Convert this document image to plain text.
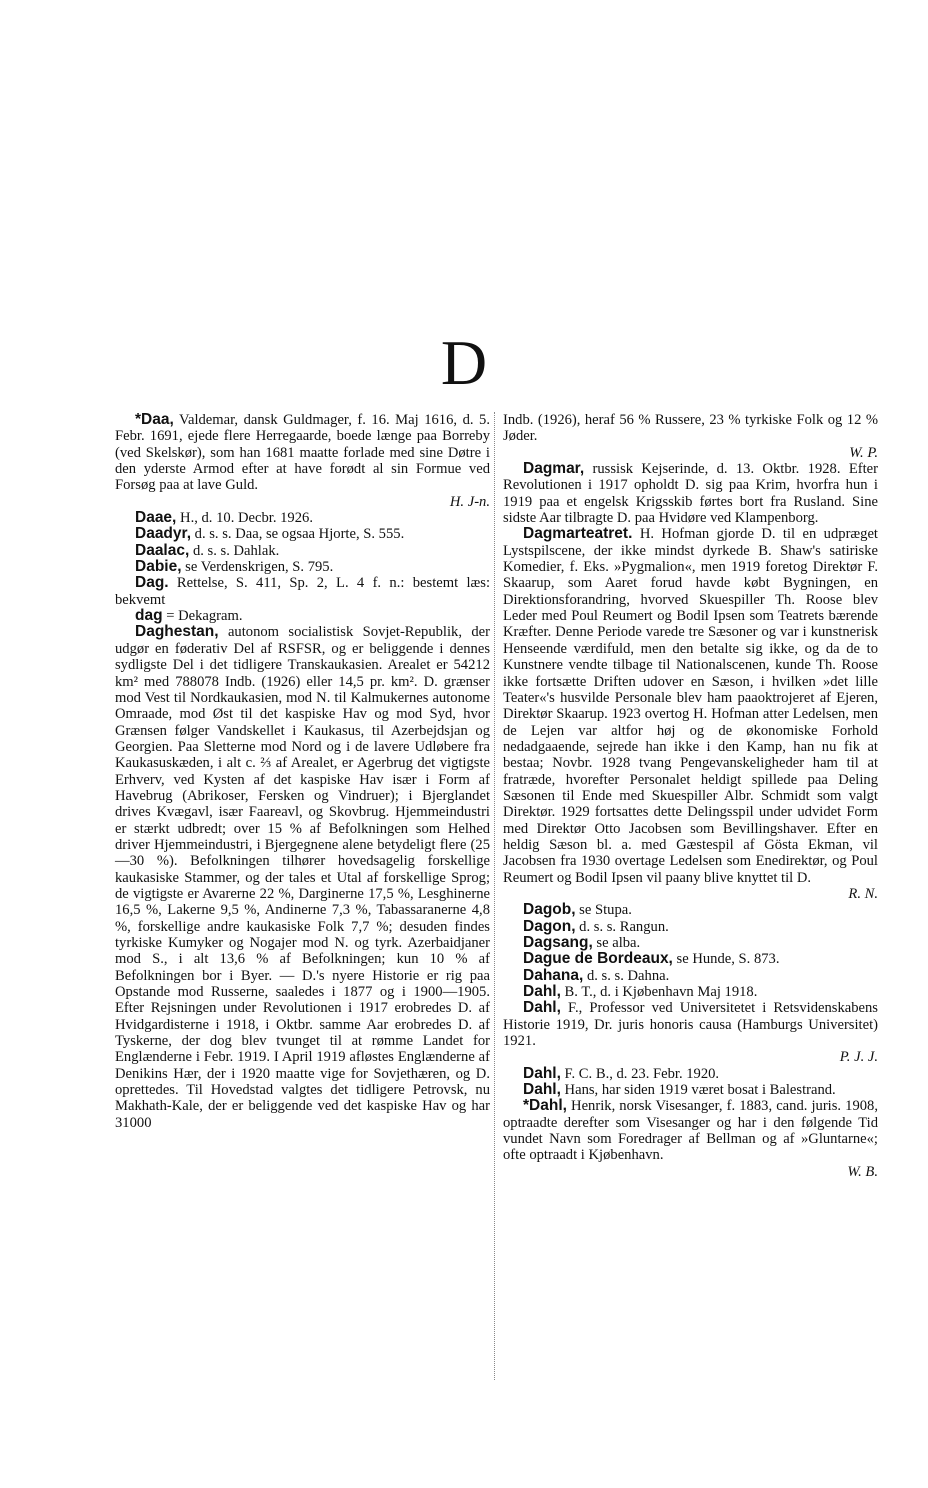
D

*Daa, Valdemar, dansk Guldmager, f. 16. Maj 1616, d. 5. Febr. 1691, ejede flere Herregaarde, boede længe paa Borreby (ved Skelskør), som han 1681 maatte forlade med sine Døtre i den yderste Armod efter at have forødt al sin Formue ved Forsøg paa at lave Guld.
H. J-n.

Daae, H., d. 10. Decbr. 1926.

Daadyr, d. s. s. Daa, se ogsaa Hjorte, S. 555.

Daalac, d. s. s. Dahlak.

Dabie, se Verdenskrigen, S. 795.

Dag. Rettelse, S. 411, Sp. 2, L. 4 f. n.: bestemt læs: bekvemt

dag = Dekagram.

Daghestan, autonom socialistisk Sovjet-Republik, der udgør en føderativ Del af RSFSR, og er beliggende i dennes sydligste Del i det tidligere Transkaukasien. Arealet er 54212 km² med 788078 Indb. (1926) eller 14,5 pr. km². D. grænser mod Vest til Nordkaukasien, mod N. til Kalmukernes autonome Omraade, mod Øst til det kaspiske Hav og mod Syd, hvor Grænsen følger Vandskellet i Kaukasus, til Azerbejdsjan og Georgien. Paa Sletterne mod Nord og i de lavere Udløbere fra Kaukasuskæden, i alt c. ⅔ af Arealet, er Agerbrug det vigtigste Erhverv, ved Kysten af det kaspiske Hav især i Form af Havebrug (Abrikoser, Fersken og Vindruer); i Bjerglandet drives Kvægavl, især Faareavl, og Skovbrug. Hjemmeindustri er stærkt udbredt; over 15 % af Befolkningen som Helhed driver Hjemmeindustri, i Bjergegnene alene betydeligt flere (25—30 %). Befolkningen tilhører hovedsagelig forskellige kaukasiske Stammer, og der tales et Utal af forskellige Sprog; de vigtigste er Avarerne 22 %, Darginerne 17,5 %, Lesghinerne 16,5 %, Lakerne 9,5 %, Andinerne 7,3 %, Tabassaranerne 4,8 %, forskellige andre kaukasiske Folk 7,7 %; desuden findes tyrkiske Kumyker og Nogajer mod N. og tyrk. Azerbaidjaner mod S., i alt 13,6 % af Befolkningen; kun 10 % af Befolkningen bor i Byer. — D.'s nyere Historie er rig paa Opstande mod Russerne, saaledes i 1877 og i 1900—1905. Efter Rejsningen under Revolutionen i 1917 erobredes D. af Hvidgardisterne i 1918, i Oktbr. samme Aar erobredes D. af Tyskerne, der dog blev tvunget til at rømme Landet for Englænderne i Febr. 1919. I April 1919 afløstes Englænderne af Denikins Hær, der i 1920 maatte vige for Sovjethæren, og D. oprettedes. Til Hovedstad valgtes det tidligere Petrovsk, nu Makhath-Kale, der er beliggende ved det kaspiske Hav og har 31000

Indb. (1926), heraf 56 % Russere, 23 % tyrkiske Folk og 12 % Jøder.
W. P.

Dagmar, russisk Kejserinde, d. 13. Oktbr. 1928. Efter Revolutionen i 1917 opholdt D. sig paa Krim, hvorfra hun i 1919 paa et engelsk Krigsskib førtes bort fra Rusland. Sine sidste Aar tilbragte D. paa Hvidøre ved Klampenborg.

Dagmarteatret. H. Hofman gjorde D. til en udpræget Lystspilscene, der ikke mindst dyrkede B. Shaw's satiriske Komedier, f. Eks. »Pygmalion«, men 1919 foretog Direktør F. Skaarup, som Aaret forud havde købt Bygningen, en Direktionsforandring, hvorved Skuespiller Th. Roose blev Leder med Poul Reumert og Bodil Ipsen som Teatrets bærende Kræfter. Denne Periode varede tre Sæsoner og var i kunstnerisk Henseende værdifuld, men den betalte sig ikke, og da de to Kunstnere vendte tilbage til Nationalscenen, kunde Th. Roose ikke fortsætte Driften udover en Sæson, i hvilken »det lille Teater«'s husvilde Personale blev ham paaoktrojeret af Ejeren, Direktør Skaarup. 1923 overtog H. Hofman atter Ledelsen, men de Lejen var altfor høj og de økonomiske Forhold nedadgaaende, sejrede han ikke i den Kamp, han nu fik at bestaa; Novbr. 1928 tvang Pengevanskeligheder ham til at fratræde, hvorefter Personalet heldigt spillede paa Deling Sæsonen til Ende med Skuespiller Albr. Schmidt som valgt Direktør. 1929 fortsattes dette Delingsspil under udvidet Form med Direktør Otto Jacobsen som Bevillingshaver. Efter en heldig Sæson bl. a. med Gæstespil af Gösta Ekman, vil Jacobsen fra 1930 overtage Ledelsen som Enedirektør, og Poul Reumert og Bodil Ipsen vil paany blive knyttet til D.
R. N.

Dagob, se Stupa.

Dagon, d. s. s. Rangun.

Dagsang, se alba.

Dague de Bordeaux, se Hunde, S. 873.

Dahana, d. s. s. Dahna.

Dahl, B. T., d. i Kjøbenhavn Maj 1918.

Dahl, F., Professor ved Universitetet i Retsvidenskabens Historie 1919, Dr. juris honoris causa (Hamburgs Universitet) 1921.
P. J. J.

Dahl, F. C. B., d. 23. Febr. 1920.

Dahl, Hans, har siden 1919 været bosat i Balestrand.

*Dahl, Henrik, norsk Visesanger, f. 1883, cand. juris. 1908, optraadte derefter som Visesanger og har i den følgende Tid vundet Navn som Foredrager af Bellman og af »Gluntarne«; ofte optraadt i Kjøbenhavn.
W. B.
